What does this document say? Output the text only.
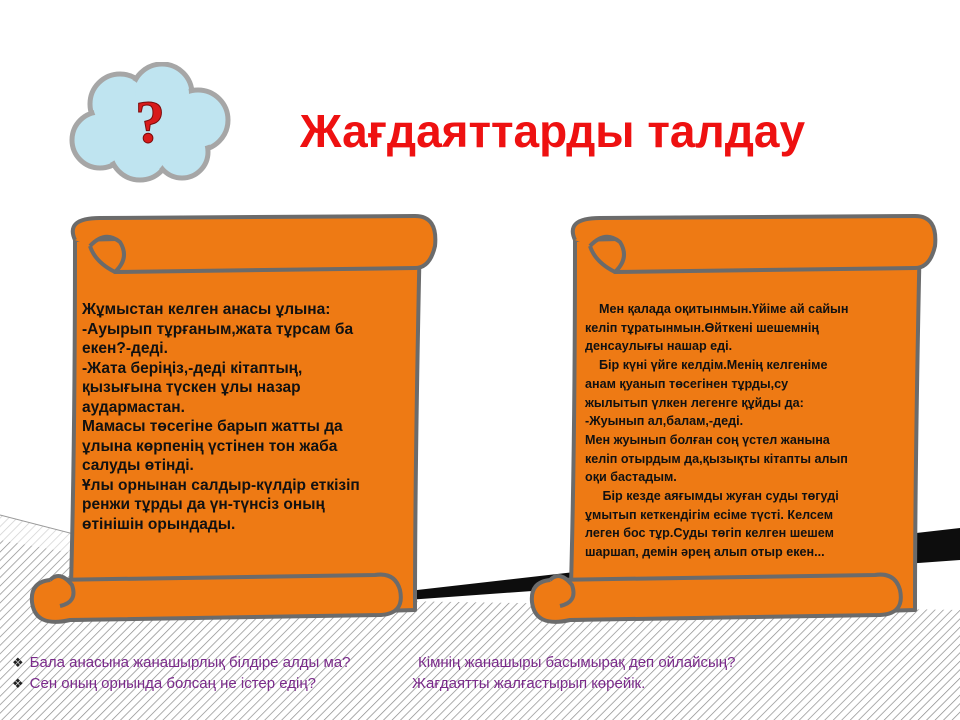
?	Жағдаяттарды талдау
Жұмыстан келген анасы ұлына:
-Ауырып тұрғаным,жата тұрсам ба
екен?-деді.
-Жата беріңіз,-деді кітаптың,
қызығына түскен ұлы назар
аудармастан.
Мамасы төсегіне барып жатты да
ұлына көрпенің үстінен тон жаба
салуды өтінді.
Ұлы орнынан салдыр-күлдір еткізіп
ренжи тұрды да үн-түнсіз оның
өтінішін орындады.
Мен қалада оқитынмын.Үйіме ай сайын
келіп тұратынмын.Өйткені шешемнің
денсаулығы нашар еді.
Бір күні үйге келдім.Менің келгеніме
анам қуанып төсегінен тұрды,су
жылытып үлкен легенге құйды да:
-Жуынып ал,балам,-деді.
Мен жуынып болған соң үстел жанына
келіп отырдым да,қызықты кітапты алып
оқи бастадым.
Бір кезде аяғымды жуған суды төгуді
ұмытып кеткендігім есіме түсті. Келсем
леген бос тұр.Суды төгіп келген шешем
шаршап, демін әрең алып отыр екен...
❖ Бала анасына жанашырлық білдіре алды ма?
❖ Сен оның орнында болсаң не істер едің?
Кімнің жанашыры басымырақ деп ойлайсың?
Жағдаятты жалғастырып көрейік.
